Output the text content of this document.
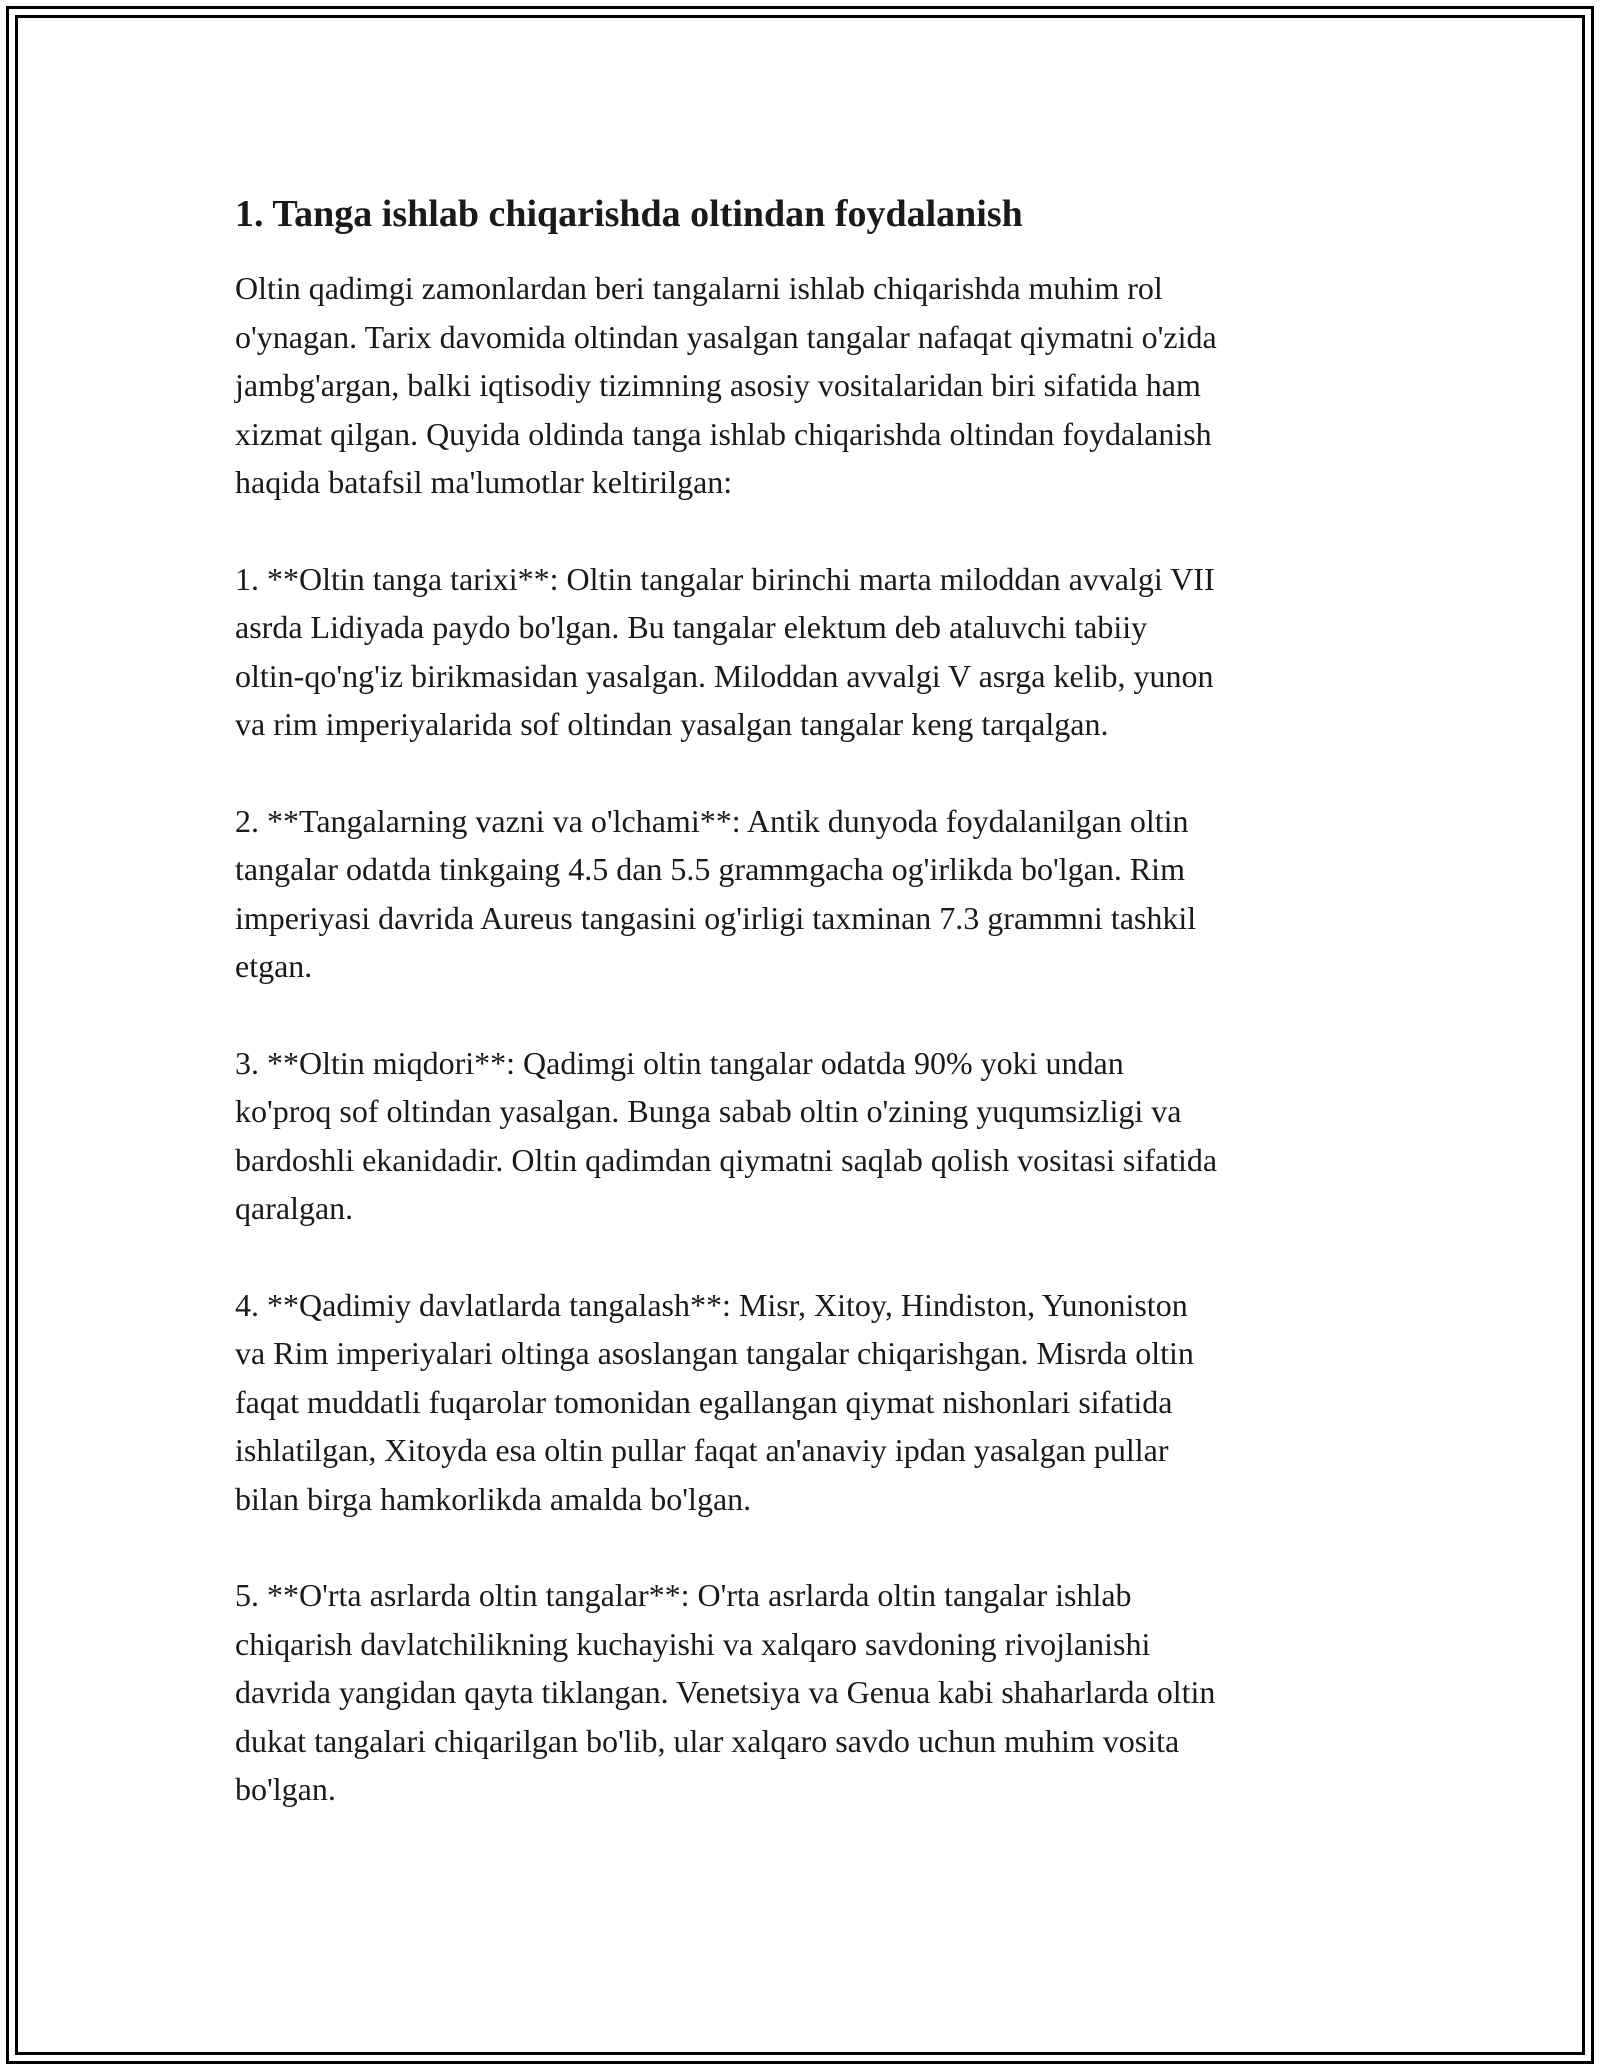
1. Tanga ishlab chiqarishda oltindan foydalanish

Oltin qadimgi zamonlardan beri tangalarni ishlab chiqarishda muhim rol
o'ynagan. Tarix davomida oltindan yasalgan tangalar nafaqat qiymatni o'zida
jambg'argan, balki iqtisodiy tizimning asosiy vositalaridan biri sifatida ham
xizmat qilgan. Quyida oldinda tanga ishlab chiqarishda oltindan foydalanish
haqida batafsil ma'lumotlar keltirilgan:

1. **Oltin tanga tarixi**: Oltin tangalar birinchi marta miloddan avvalgi VII
asrda Lidiyada paydo bo'lgan. Bu tangalar elektum deb ataluvchi tabiiy
oltin-qo'ng'iz birikmasidan yasalgan. Miloddan avvalgi V asrga kelib, yunon
va rim imperiyalarida sof oltindan yasalgan tangalar keng tarqalgan.

2. **Tangalarning vazni va o'lchami**: Antik dunyoda foydalanilgan oltin
tangalar odatda tinkgaing 4.5 dan 5.5 grammgacha og'irlikda bo'lgan. Rim
imperiyasi davrida Aureus tangasini og'irligi taxminan 7.3 grammni tashkil
etgan.

3. **Oltin miqdori**: Qadimgi oltin tangalar odatda 90% yoki undan
ko'proq sof oltindan yasalgan. Bunga sabab oltin o'zining yuqumsizligi va
bardoshli ekanidadir. Oltin qadimdan qiymatni saqlab qolish vositasi sifatida
qaralgan.

4. **Qadimiy davlatlarda tangalash**: Misr, Xitoy, Hindiston, Yunoniston
va Rim imperiyalari oltinga asoslangan tangalar chiqarishgan. Misrda oltin
faqat muddatli fuqarolar tomonidan egallangan qiymat nishonlari sifatida
ishlatilgan, Xitoyda esa oltin pullar faqat an'anaviy ipdan yasalgan pullar
bilan birga hamkorlikda amalda bo'lgan.

5. **O'rta asrlarda oltin tangalar**: O'rta asrlarda oltin tangalar ishlab
chiqarish davlatchilikning kuchayishi va xalqaro savdoning rivojlanishi
davrida yangidan qayta tiklangan. Venetsiya va Genua kabi shaharlarda oltin
dukat tangalari chiqarilgan bo'lib, ular xalqaro savdo uchun muhim vosita
bo'lgan.
